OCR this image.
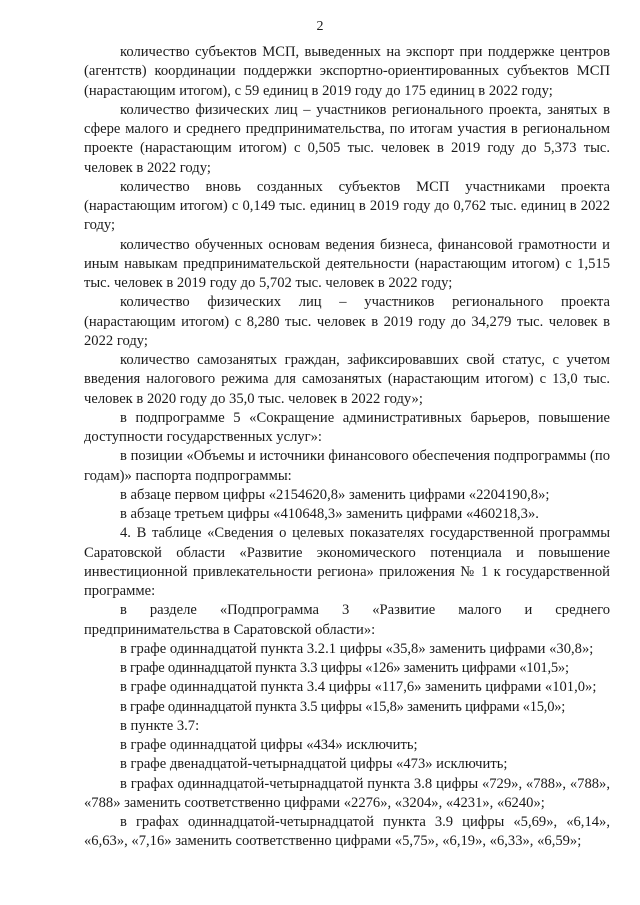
2

количество субъектов МСП, выведенных на экспорт при поддержке центров (агентств) координации поддержки экспортно-ориентированных субъектов МСП (нарастающим итогом), с 59 единиц в 2019 году до 175 единиц в 2022 году;

количество физических лиц – участников регионального проекта, занятых в сфере малого и среднего предпринимательства, по итогам участия в региональном проекте (нарастающим итогом) с 0,505 тыс. человек в 2019 году до 5,373 тыс. человек в 2022 году;

количество вновь созданных субъектов МСП участниками проекта (нарастающим итогом) с 0,149 тыс. единиц в 2019 году до 0,762 тыс. единиц в 2022 году;

количество обученных основам ведения бизнеса, финансовой грамотности и иным навыкам предпринимательской деятельности (нарастающим итогом) с 1,515 тыс. человек в 2019 году до 5,702 тыс. человек в 2022 году;

количество физических лиц – участников регионального проекта (нарастающим итогом) с 8,280 тыс. человек в 2019 году до 34,279 тыс. человек в 2022 году;

количество самозанятых граждан, зафиксировавших свой статус, с учетом введения налогового режима для самозанятых (нарастающим итогом) с 13,0 тыс. человек в 2020 году до 35,0 тыс. человек в 2022 году»;

в подпрограмме 5 «Сокращение административных барьеров, повышение доступности государственных услуг»:

в позиции «Объемы и источники финансового обеспечения подпрограммы (по годам)» паспорта подпрограммы:

в абзаце первом цифры «2154620,8» заменить цифрами «2204190,8»;

в абзаце третьем цифры «410648,3» заменить цифрами «460218,3».

4. В таблице «Сведения о целевых показателях государственной программы Саратовской области «Развитие экономического потенциала и повышение инвестиционной привлекательности региона» приложения № 1 к государственной программе:

в разделе «Подпрограмма 3 «Развитие малого и среднего предпринимательства в Саратовской области»:

в графе одиннадцатой пункта 3.2.1 цифры «35,8» заменить цифрами «30,8»;

в графе одиннадцатой пункта 3.3 цифры «126» заменить цифрами «101,5»;

в графе одиннадцатой пункта 3.4 цифры «117,6» заменить цифрами «101,0»;

в графе одиннадцатой пункта 3.5 цифры «15,8» заменить цифрами «15,0»;

в пункте 3.7:

в графе одиннадцатой цифры «434» исключить;

в графе двенадцатой-четырнадцатой цифры «473» исключить;

в графах одиннадцатой-четырнадцатой пункта 3.8 цифры «729», «788», «788», «788» заменить соответственно цифрами «2276», «3204», «4231», «6240»;

в графах одиннадцатой-четырнадцатой пункта 3.9 цифры «5,69», «6,14», «6,63», «7,16» заменить соответственно цифрами «5,75», «6,19», «6,33», «6,59»;
